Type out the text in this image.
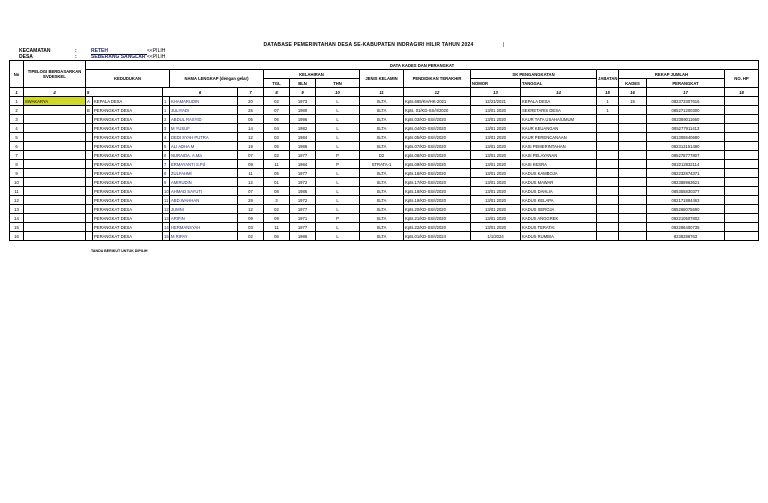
DATABASE PEMERINTAHAN DESA SE-KABUPATEN INDRAGIRI HILIR TAHUN 2024	|
KECAMATAN	:	RETEH	<<PILIH
DESA	:	SEBERANG SANGLAR <<PILIH
No	TIPELOGI BERDASARKAN EVDESKEL	DATA KADES DAN PERANGKAT																
		KEDUDUKAN			NAMA LENGKAP (dengan gelar)		KELAHIRAN			JENIS KELAMIN	PENDIDIKAN TERAKHIR	SK PENGANGKATAN		JABATAN	REKAP JUMLAH		NO. HP	
							TGL	BLN	THN			NOMOR	TANGGAL		KADES	PERANGKAT		
1	4	5		6		7	8	9	10	11	12	13	14	15	16	17	18	
1	SWAKARYA	A	KEPALA DESA	1	KHAMARUDIN	20	02	1973	L	SLTA	Kpts.685/KH/HK-2021	12/21/2021	KEPALA DESA	1	15	082373307616		
2		B	PERANGKAT DESA	1	JULIYADI	25	07	1980	L	SLTA	Kpts. 01/KD-SS/II/2020	13/01 2020	SEKRETARIS DESA	1		085271200300		
3			PERANGKAT DESA	2	ABDUL RASYID	05	06	1996	L	SLTA	Kpts.03/KD-SS/I/2020	13/01 2020	KAUR TATA USAHA/UMUM			082389011660		
4			PERANGKAT DESA	3	M YUSUF	14	04	1982	L	SLTA	Kpts.04/KD-SS/I/2020	13/01 2020	KAUR KEUANGAN			085277911413		
5			PERANGKAT DESA	4	DEDI SYAH PUTRA	12	03	1984	L	SLTA	Kpts.05/KD-SS/I/2020	13/01 2020	KAUR PERENCANAAN			081308640680		
6			PERANGKAT DESA	5	ALI ADHA M	19	05	1986	L	SLTA	Kpts.07/KD-SS/I/2020	13/01 2020	KASI PEMERINTAHAN			082313151480		
7			PERANGKAT DESA	6	NURAIDA. A.Ma	07	02	1977	P	D2	Kpts.08/KD-SS/I/2020	13/01 2020	KASI PELAYANAN			085278777807		
8			PERANGKAT DESA	7	ERMAYANTI S.Pd	09	11	1984	P	STRATA-1	Kpts.09/KD-SS/I/2020	13/01 2020	KASI KESRA			082212832114		
9			PERANGKAT DESA	8	ZULFAHMI	11	05	1977	L	SLTA	Kpts.16/KD-SS/I/2020	13/01 2020	KADUS KAMBOJA			082232874371		
10			PERANGKAT DESA	9	AMIRUDIN	12	01	1972	L	SLTA	Kpts.17/KD-SS/I/2020	13/01 2020	KADUS MAWAR			082388963621		
11			PERANGKAT DESA	10	AHMAD SAYUTI	07	08	1985	L	SLTA	Kpts.18/KD-SS/I/2020	13/01 2020	KADUS DAHLIA			085355830377		
12			PERANGKAT DESA	11	ABD.WAHHAN	29	3	1972	L	SLTA	Kpts.19/KD-SS/I/2020	13/01 2020	KADUS KELAPA			082171884463		
13			PERANGKAT DESA	12	JUMNI	12	02	1977	L	SLTA	Kpts.20/KD-SS/I/2020	13/01 2020	KADUS SEROJA			085268075690		
14			PERANGKAT DESA	13	ARIFIN	09	09	1971	P	SLTA	Kpts.21/KD-SS/I/2020	13/01 2020	KADUS ANGGREK			082210507802		
15			PERANGKAT DESA	14	HERMANSYAH	03	11	1977	L	SLTA	Kpts.22/KD-SS/I/2020	13/01 2020	KADUS TERATAI			082286400735		
16			PERANGKAT DESA	15	M RIPAY	02	06	1986	L	SLTA	Kpts.01/KD-SS/I/2024	1/1/2024	KADUS RUMBIA			8238286763		
TANDA BERIKUT UNTUK DIPILIH
